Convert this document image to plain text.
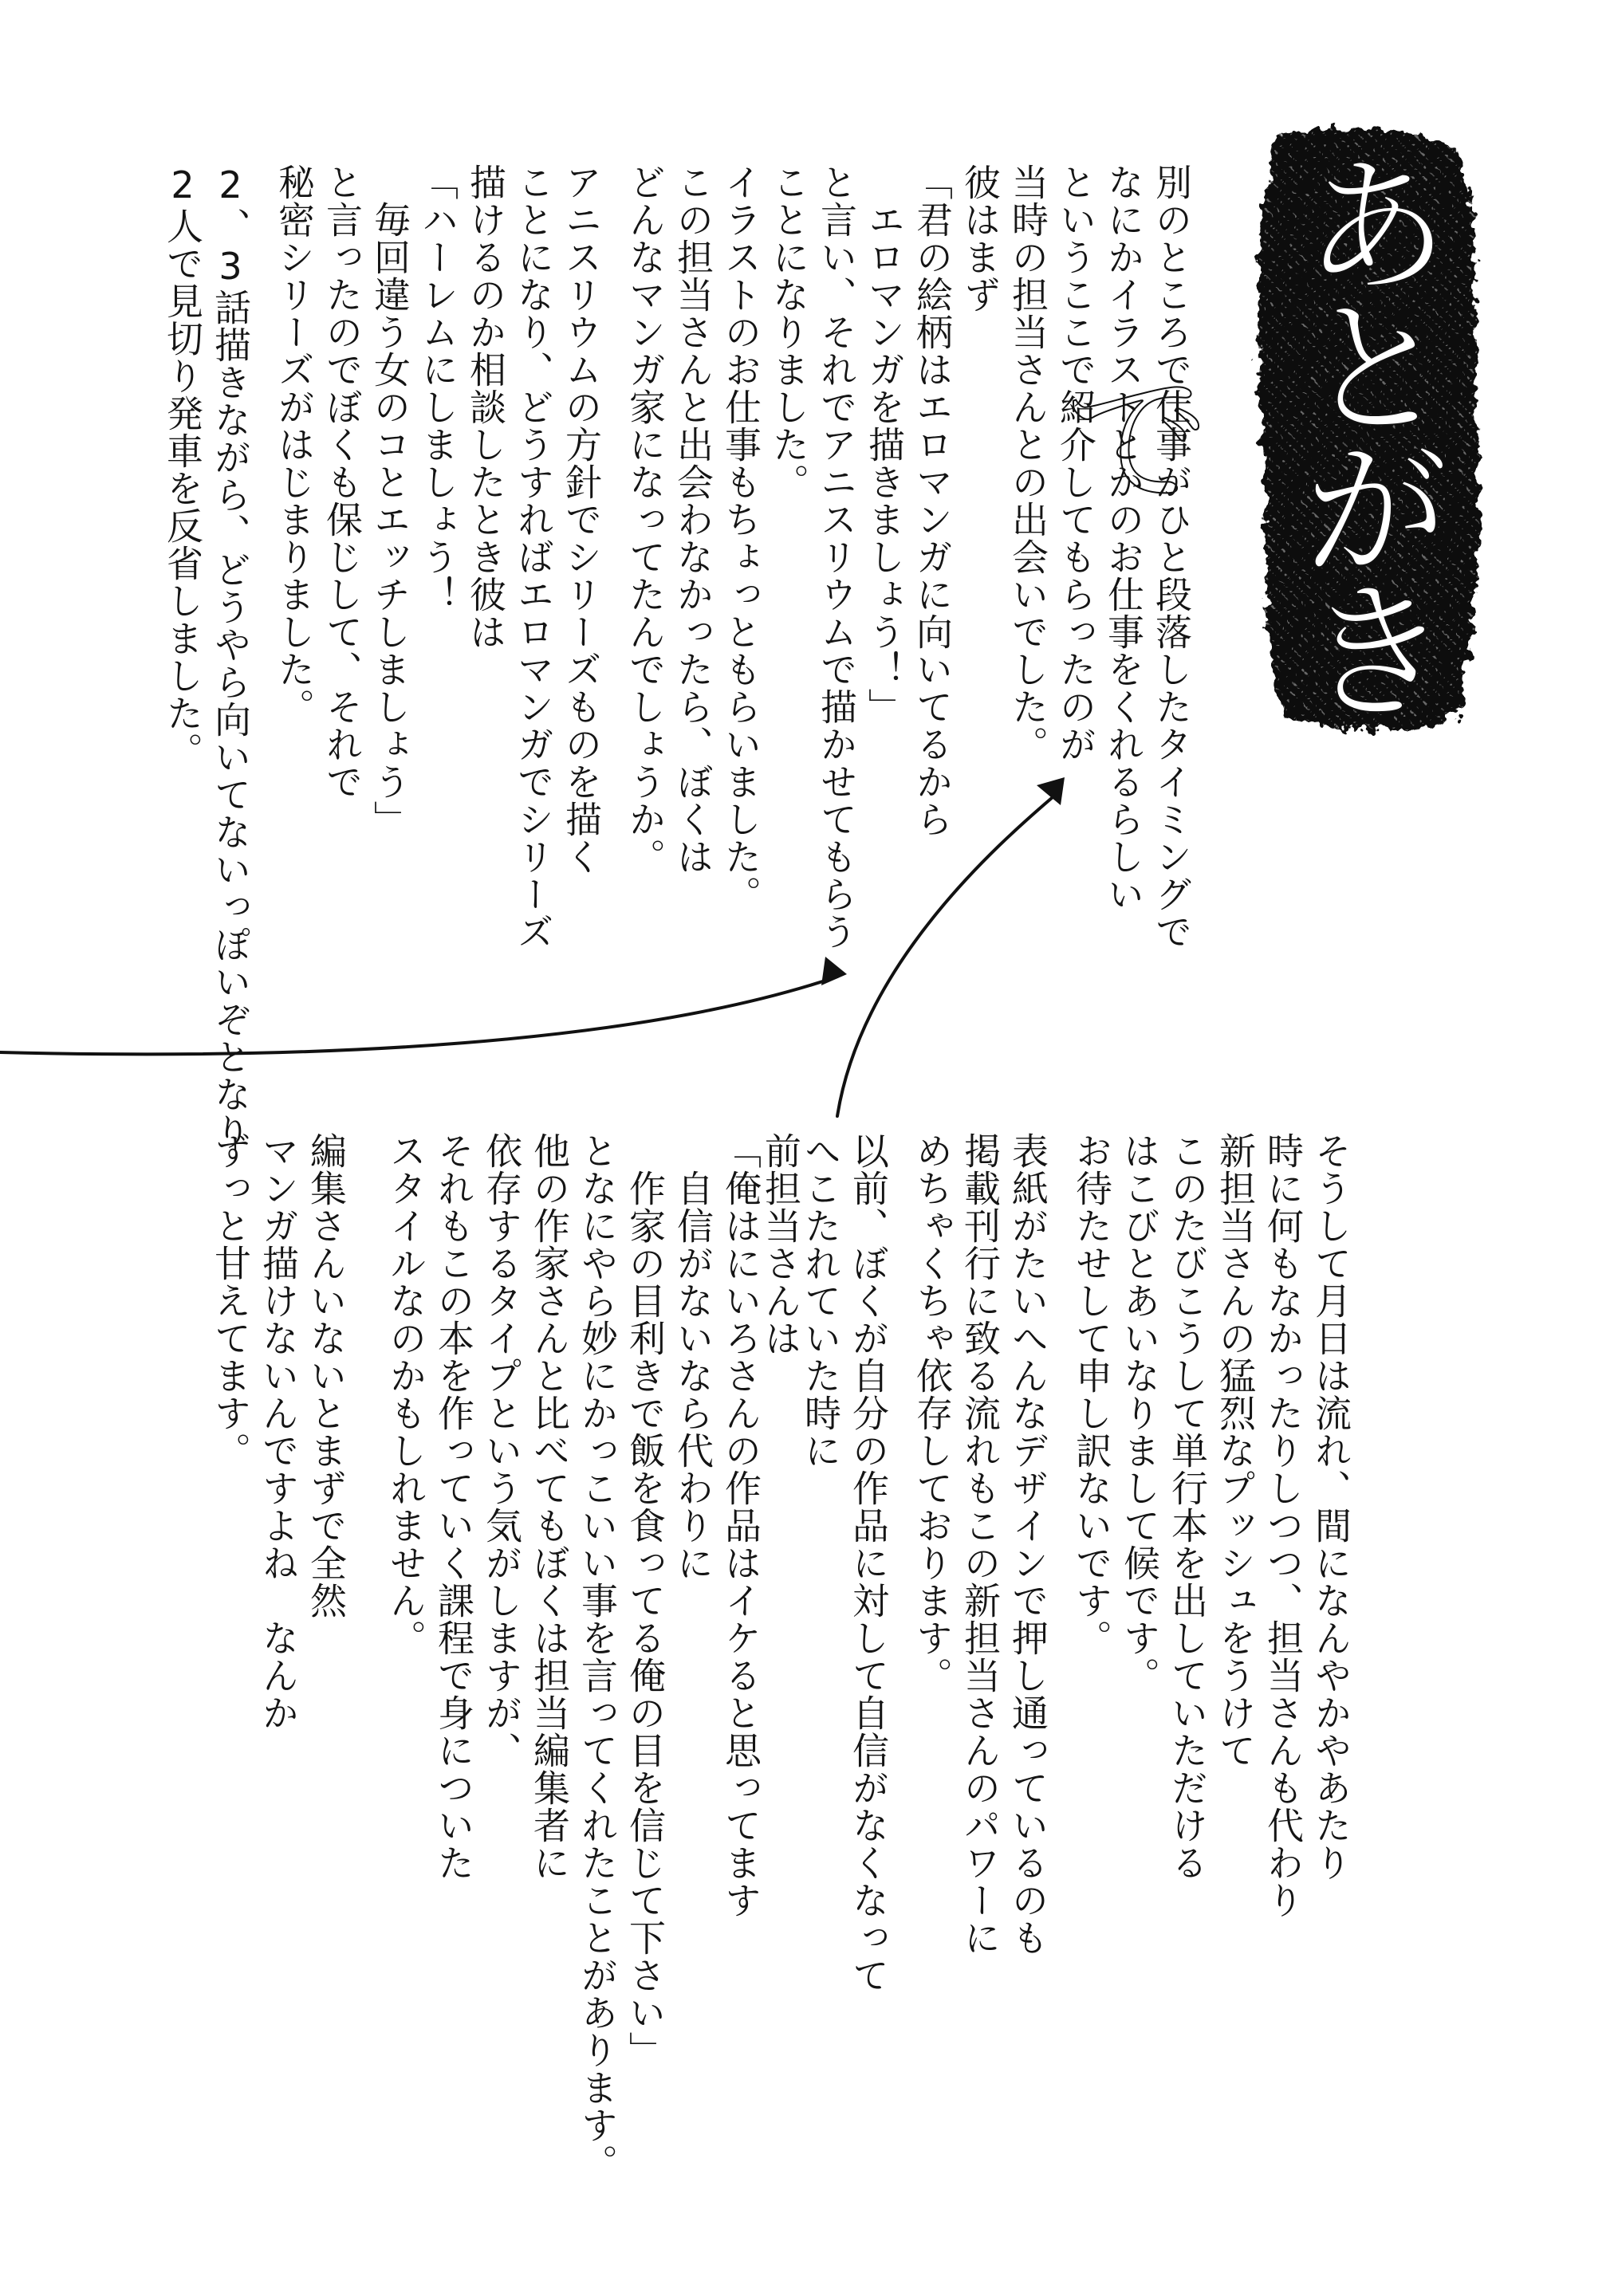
あとがきで
別のところで仕事がひと段落したタイミングで
なにかイラストとかのお仕事をくれるらしい
というここで紹介してもらったのが
当時の担当さんとの出会いでした。
彼はまず
「君の絵柄はエロマンガに向いてるから
　エロマンガを描きましょう！」
と言い、それでアニスリウムで描かせてもらう
ことになりました。
イラストのお仕事もちょっともらいました。
この担当さんと出会わなかったら、ぼくは
どんなマンガ家になってたんでしょうか。
アニスリウムの方針でシリーズものを描く
ことになり、どうすればエロマンガでシリーズ
描けるのか相談したとき彼は
「ハーレムにしましょう！
　毎回違う女のコとエッチしましょう」
と言ったのでぼくも保じして、それで
秘密シリーズがはじまりました。
2、3話描きながら、どうやら向いてないっぽいぞとなり
2人で見切り発車を反省しました。
そうして月日は流れ、間になんやかやあたり
時に何もなかったりしつつ、担当さんも代わり
新担当さんの猛烈なプッシュをうけて
このたびこうして単行本を出していただける
はこびとあいなりまして候です。
お待たせして申し訳ないです。
表紙がたいへんなデザインで押し通っているのも
掲載刊行に致る流れもこの新担当さんのパワーに
めちゃくちゃ依存しております。
以前、ぼくが自分の作品に対して自信がなくなって
へこたれていた時に
前担当さんは
「俺はにいろさんの作品はイケると思ってます
　自信がないなら代わりに
　作家の目利きで飯を食ってる俺の目を信じて下さい」
となにやら妙にかっこいい事を言ってくれたことがあります。
他の作家さんと比べてもぼくは担当編集者に
依存するタイプという気がしますが、
それもこの本を作っていく課程で身についた
スタイルなのかもしれません。
編集さんいないとまずで全然
マンガ描けないんですよね　なんか
ずっと甘えてます。
